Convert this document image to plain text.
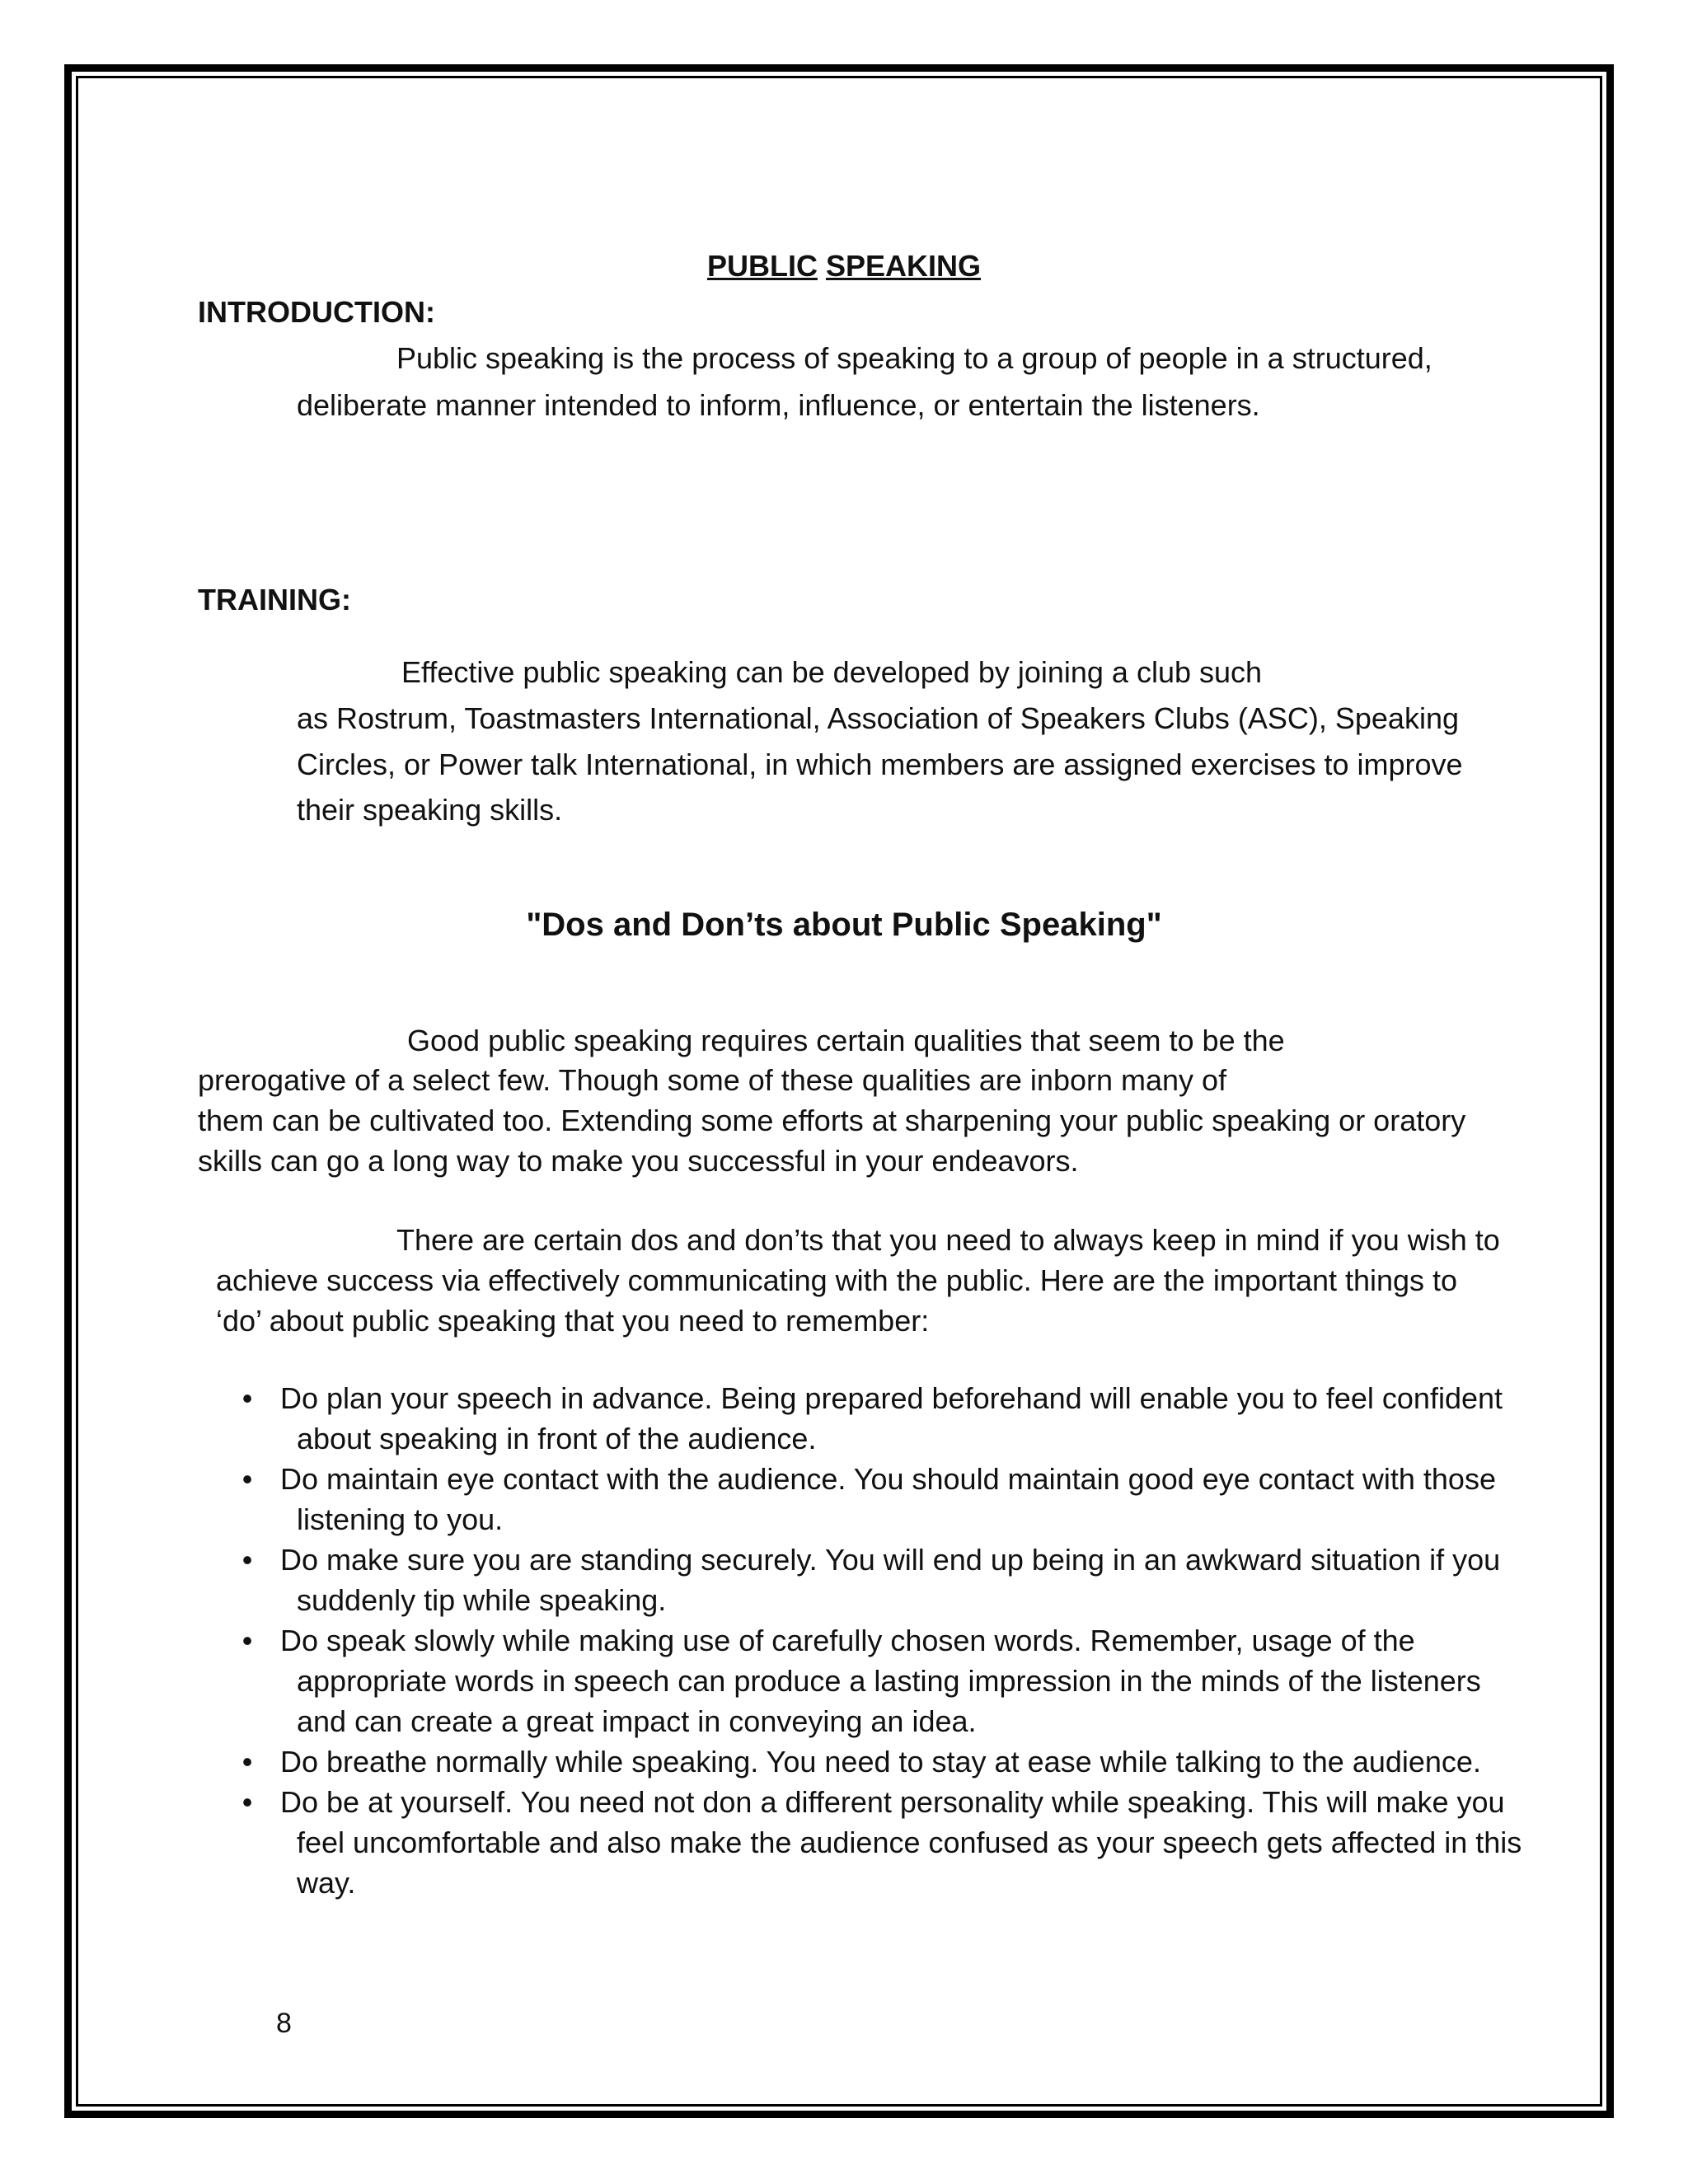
PUBLIC SPEAKING
INTRODUCTION:
Public speaking is the process of speaking to a group of people in a structured,
deliberate manner intended to inform, influence, or entertain the listeners.
TRAINING:
Effective public speaking can be developed by joining a club such
as Rostrum, Toastmasters International, Association of Speakers Clubs (ASC), Speaking
Circles, or Power talk International, in which members are assigned exercises to improve
their speaking skills.
"Dos and Don’ts about Public Speaking"
Good public speaking requires certain qualities that seem to be the
prerogative of a select few. Though some of these qualities are inborn many of
them can be cultivated too. Extending some efforts at sharpening your public speaking or oratory
skills can go a long way to make you successful in your endeavors.
There are certain dos and don’ts that you need to always keep in mind if you wish to
achieve success via effectively communicating with the public. Here are the important things to
‘do’ about public speaking that you need to remember:
• Do plan your speech in advance. Being prepared beforehand will enable you to feel confident
about speaking in front of the audience.
• Do maintain eye contact with the audience. You should maintain good eye contact with those
listening to you.
• Do make sure you are standing securely. You will end up being in an awkward situation if you
suddenly tip while speaking.
• Do speak slowly while making use of carefully chosen words. Remember, usage of the
appropriate words in speech can produce a lasting impression in the minds of the listeners
and can create a great impact in conveying an idea.
• Do breathe normally while speaking. You need to stay at ease while talking to the audience.
• Do be at yourself. You need not don a different personality while speaking. This will make you
feel uncomfortable and also make the audience confused as your speech gets affected in this
way.
8
